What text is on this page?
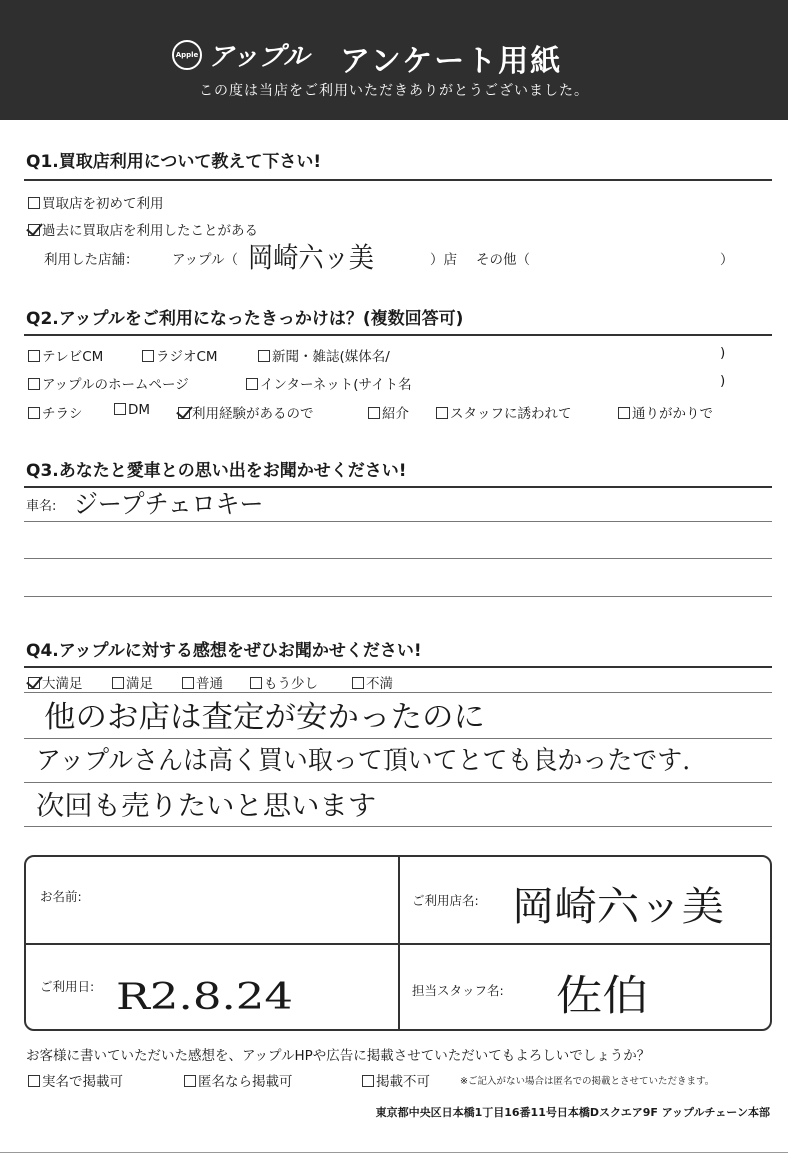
Apple アップル アンケート用紙
この度は当店をご利用いただきありがとうございました。
Q1.買取店利用について教えて下さい!
買取店を初めて利用
過去に買取店を利用したことがある
利用した店舗： アップル（ 岡崎六ッ美	）店 その他（	）
Q2.アップルをご利用になったきっかけは？(複数回答可)
テレビCM	ラジオCM	新聞・雑誌(媒体名/	)
アップルのホームページ	インターネット(サイト名	)
チラシ	DM	利用経験があるので	紹介	スタッフに誘われて	通りがかりで
Q3.あなたと愛車との思い出をお聞かせください!
車名: ジープチェロキー
Q4.アップルに対する感想をぜひお聞かせください!
大満足	満足	普通	もう少し	不満
他のお店は査定が安かったのに
アップルさんは高く買い取って頂いてとても良かったです.
次回も売りたいと思います
お名前:	ご利用店名: 岡崎六ッ美
ご利用日: R2.8.24	担当スタッフ名: 佐伯
お客様に書いていただいた感想を、アップルHPや広告に掲載させていただいてもよろしいでしょうか？
実名で掲載可	匿名なら掲載可	掲載不可	※ご記入がない場合は匿名での掲載とさせていただきます。
東京都中央区日本橋1丁目16番11号日本橋Dスクエア9F アップルチェーン本部
